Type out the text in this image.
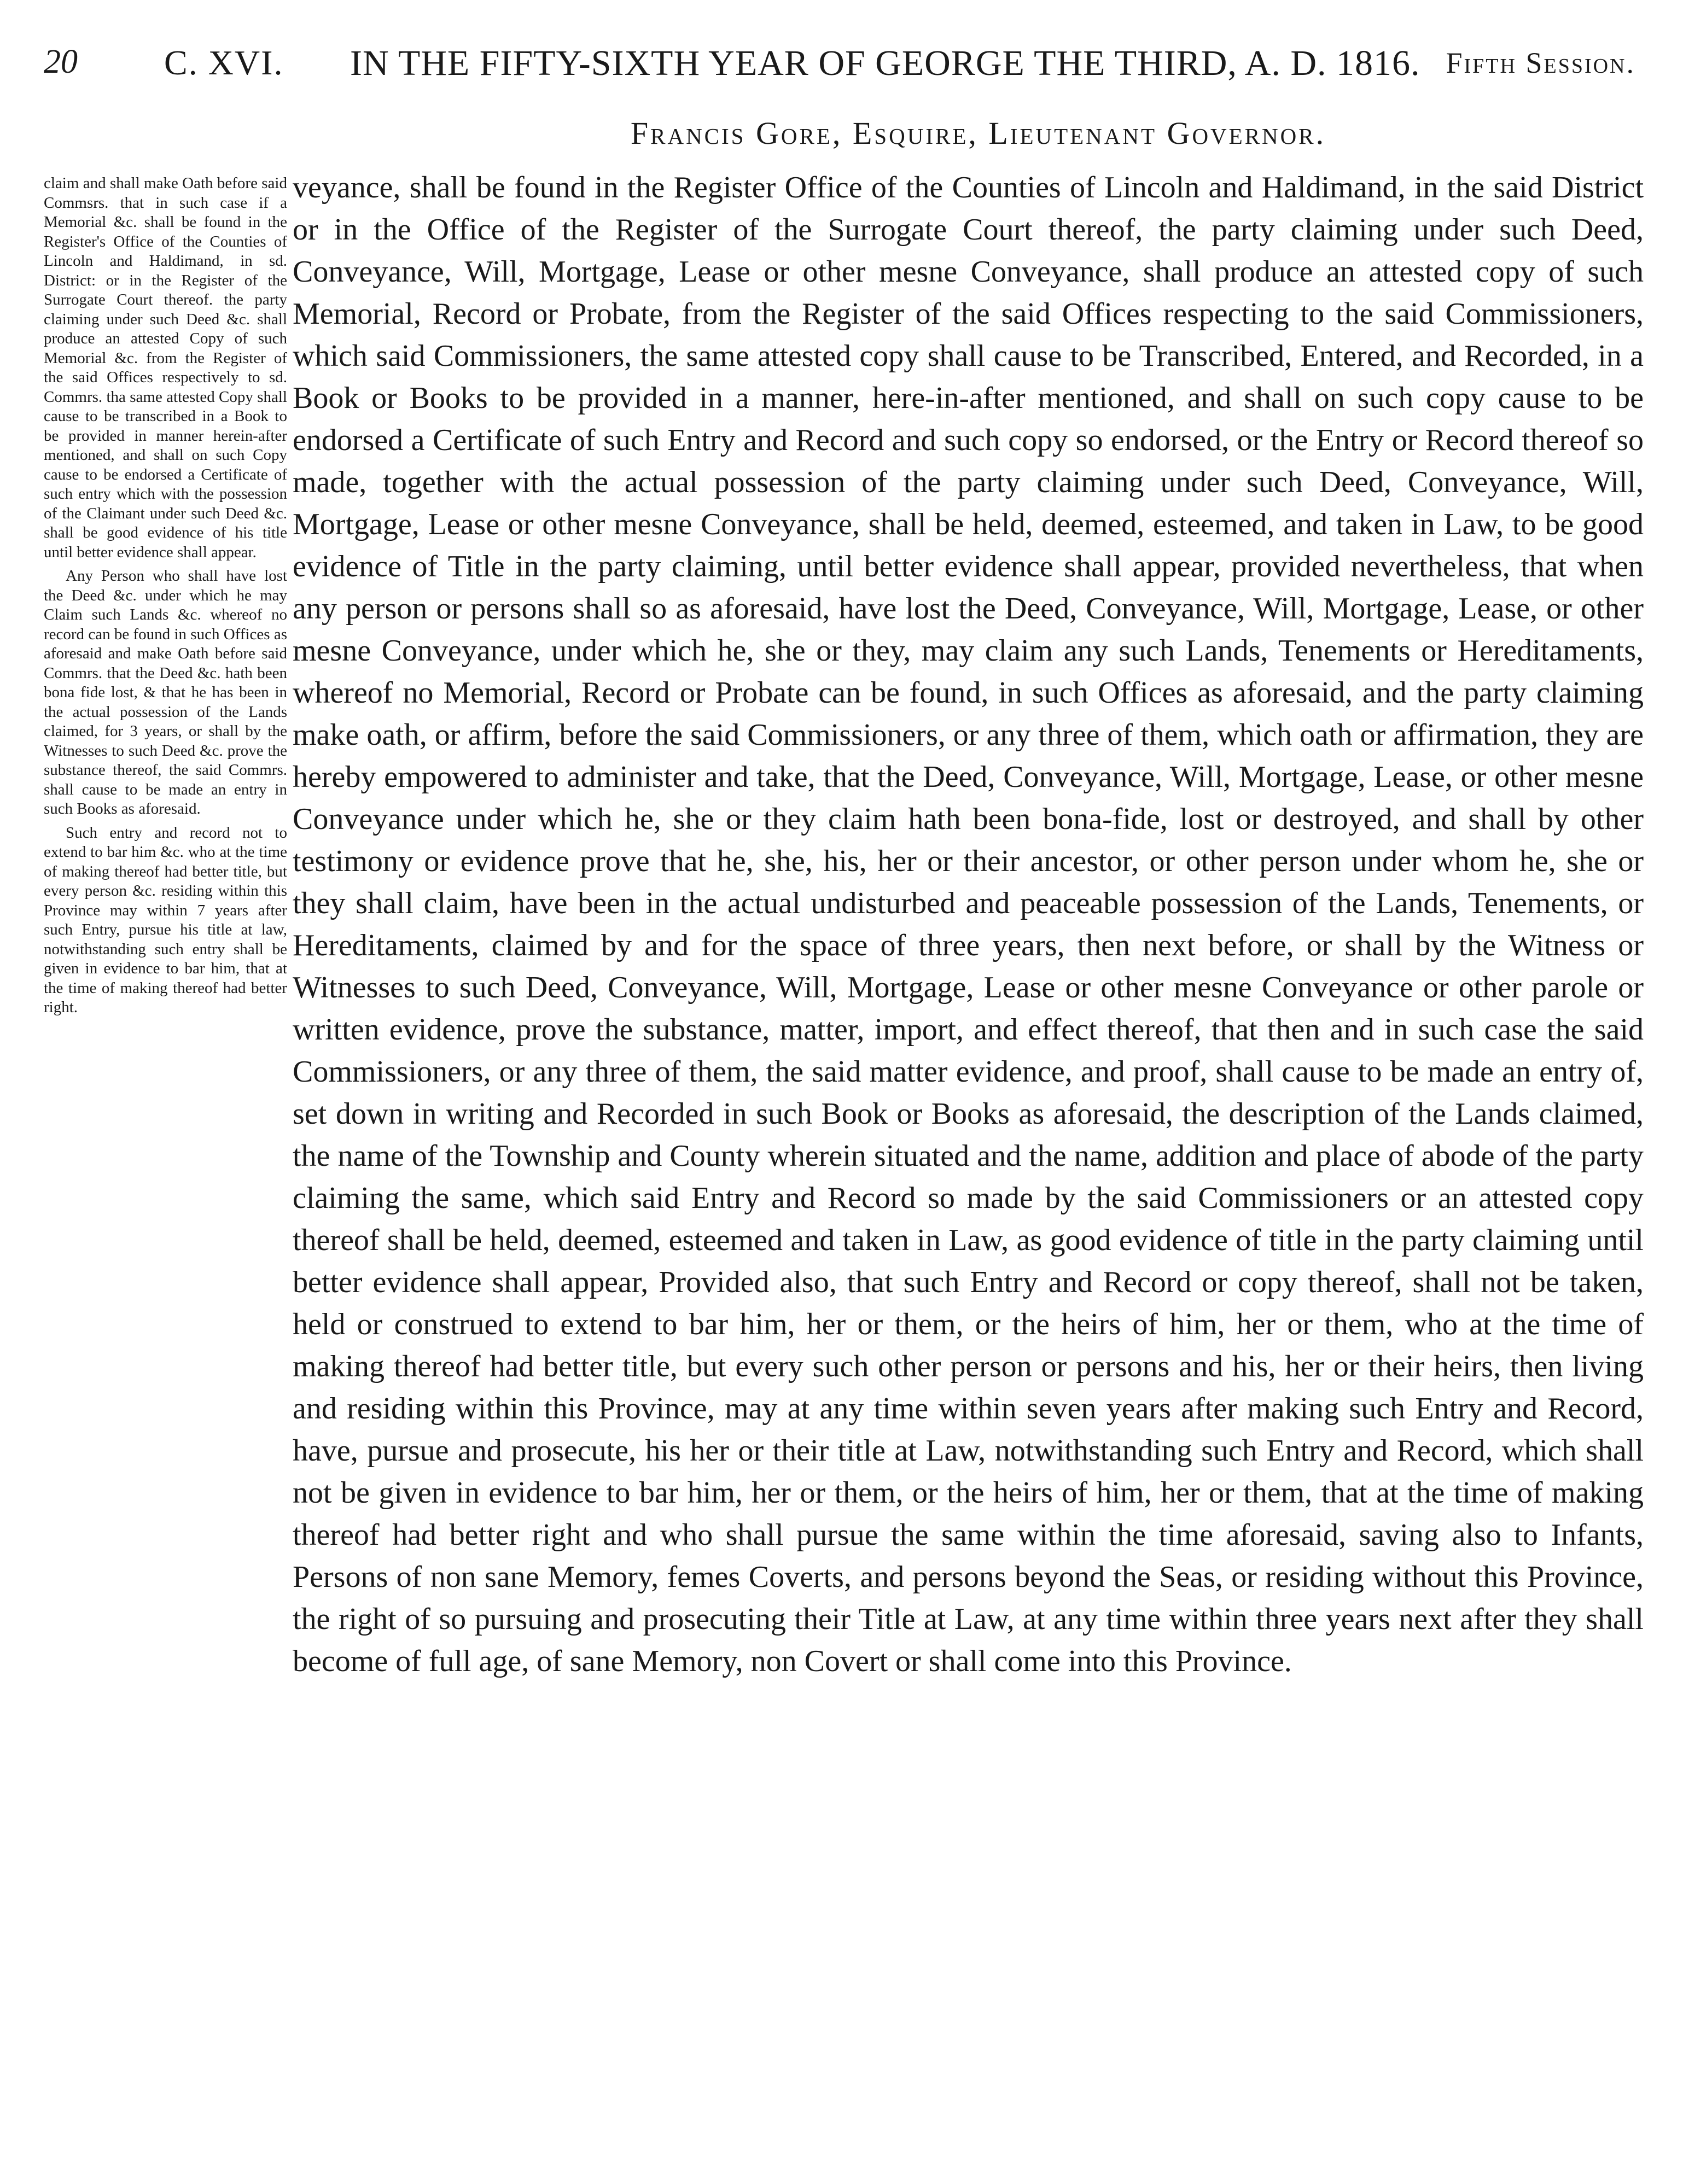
20 C. XVI. IN THE FIFTY-SIXTH YEAR OF GEORGE THE THIRD, A. D. 1816. Fifth Session.
Francis Gore, Esquire, Lieutenant Governor.

claim and shall make Oath before said Commsrs. that in such case if a Memorial &c. shall be found in the Register's Office of the Counties of Lincoln and Haldimand, in sd. District: or in the Register of the Surrogate Court thereof. the party claiming under such Deed &c. shall produce an attested Copy of such Memorial &c. from the Register of the said Offices respectively to sd. Commrs. tha same attested Copy shall cause to be transcribed in a Book to be provided in manner herein-after mentioned, and shall on such Copy cause to be endorsed a Certificate of such entry which with the possession of the Claimant under such Deed &c. shall be good evidence of his title until better evidence shall appear.

Any Person who shall have lost the Deed &c. under which he may Claim such Lands &c. whereof no record can be found in such Offices as aforesaid and make Oath before said Commrs. that the Deed &c. hath been bona fide lost, & that he has been in the actual possession of the Lands claimed, for 3 years, or shall by the Witnesses to such Deed &c. prove the substance thereof, the said Commrs. shall cause to be made an entry in such Books as aforesaid.

Such entry and record not to extend to bar him &c. who at the time of making thereof had better title, but every person &c. residing within this Province may within 7 years after such Entry, pursue his title at law, notwithstanding such entry shall be given in evidence to bar him, that at the time of making thereof had better right.

veyance, shall be found in the Register Office of the Counties of Lincoln and Haldimand, in the said District or in the Office of the Register of the Surrogate Court thereof, the party claiming under such Deed, Conveyance, Will, Mortgage, Lease or other mesne Conveyance, shall produce an attested copy of such Memorial, Record or Probate, from the Register of the said Offices respecting to the said Commissioners, which said Commissioners, the same attested copy shall cause to be Transcribed, Entered, and Recorded, in a Book or Books to be provided in a manner, here-in-after mentioned, and shall on such copy cause to be endorsed a Certificate of such Entry and Record and such copy so endorsed, or the Entry or Record thereof so made, together with the actual possession of the party claiming under such Deed, Conveyance, Will, Mortgage, Lease or other mesne Conveyance, shall be held, deemed, esteemed, and taken in Law, to be good evidence of Title in the party claiming, until better evidence shall appear, provided nevertheless, that when any person or persons shall so as aforesaid, have lost the Deed, Conveyance, Will, Mortgage, Lease, or other mesne Conveyance, under which he, she or they, may claim any such Lands, Tenements or Hereditaments, whereof no Memorial, Record or Probate can be found, in such Offices as aforesaid, and the party claiming make oath, or affirm, before the said Commissioners, or any three of them, which oath or affirmation, they are hereby empowered to administer and take, that the Deed, Conveyance, Will, Mortgage, Lease, or other mesne Conveyance under which he, she or they claim hath been bona-fide, lost or destroyed, and shall by other testimony or evidence prove that he, she, his, her or their ancestor, or other person under whom he, she or they shall claim, have been in the actual undisturbed and peaceable possession of the Lands, Tenements, or Hereditaments, claimed by and for the space of three years, then next before, or shall by the Witness or Witnesses to such Deed, Conveyance, Will, Mortgage, Lease or other mesne Conveyance or other parole or written evidence, prove the substance, matter, import, and effect thereof, that then and in such case the said Commissioners, or any three of them, the said matter evidence, and proof, shall cause to be made an entry of, set down in writing and Recorded in such Book or Books as aforesaid, the description of the Lands claimed, the name of the Township and County wherein situated and the name, addition and place of abode of the party claiming the same, which said Entry and Record so made by the said Commissioners or an attested copy thereof shall be held, deemed, esteemed and taken in Law, as good evidence of title in the party claiming until better evidence shall appear, Provided also, that such Entry and Record or copy thereof, shall not be taken, held or construed to extend to bar him, her or them, or the heirs of him, her or them, who at the time of making thereof had better title, but every such other person or persons and his, her or their heirs, then living and residing within this Province, may at any time within seven years after making such Entry and Record, have, pursue and prosecute, his her or their title at Law, notwithstanding such Entry and Record, which shall not be given in evidence to bar him, her or them, or the heirs of him, her or them, that at the time of making thereof had better right and who shall pursue the same within the time aforesaid, saving also to Infants, Persons of non sane Memory, femes Coverts, and persons beyond the Seas, or residing without this Province, the right of so pursuing and prosecuting their Title at Law, at any time within three years next after they shall become of full age, of sane Memory, non Covert or shall come into this Province.
